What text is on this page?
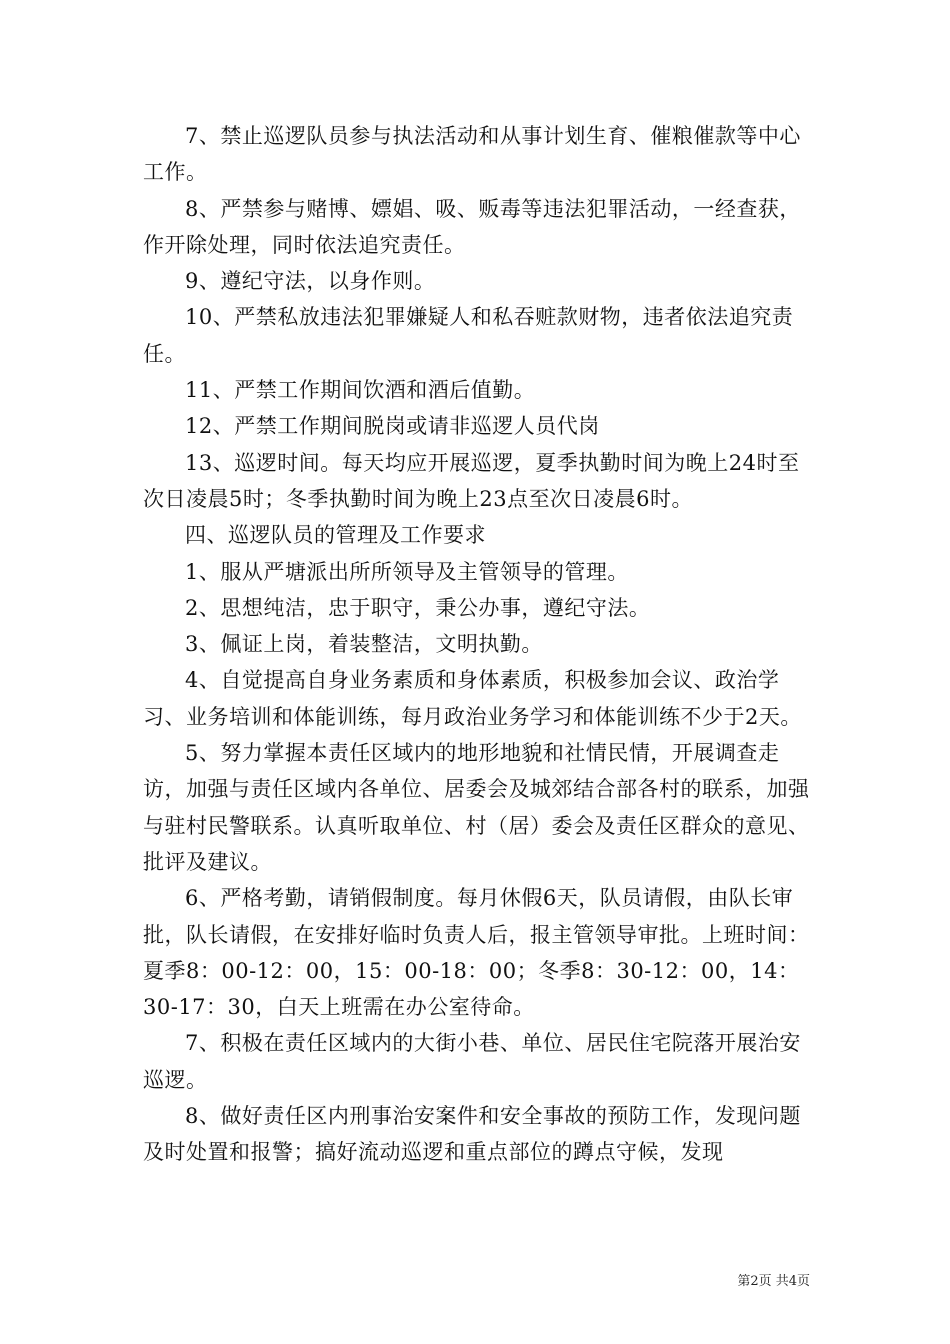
7、禁止巡逻队员参与执法活动和从事计划生育、催粮催款等中心工作。

8、严禁参与赌博、嫖娼、吸、贩毒等违法犯罪活动，一经查获，作开除处理，同时依法追究责任。

9、遵纪守法，以身作则。

10、严禁私放违法犯罪嫌疑人和私吞赃款财物，违者依法追究责任。

11、严禁工作期间饮酒和酒后值勤。

12、严禁工作期间脱岗或请非巡逻人员代岗

13、巡逻时间。每天均应开展巡逻，夏季执勤时间为晚上24时至次日凌晨5时；冬季执勤时间为晚上23点至次日凌晨6时。

四、巡逻队员的管理及工作要求

1、服从严塘派出所所领导及主管领导的管理。

2、思想纯洁，忠于职守，秉公办事，遵纪守法。

3、佩证上岗，着装整洁，文明执勤。

4、自觉提高自身业务素质和身体素质，积极参加会议、政治学习、业务培训和体能训练，每月政治业务学习和体能训练不少于2天。

5、努力掌握本责任区域内的地形地貌和社情民情，开展调查走访，加强与责任区域内各单位、居委会及城郊结合部各村的联系，加强与驻村民警联系。认真听取单位、村（居）委会及责任区群众的意见、批评及建议。

6、严格考勤，请销假制度。每月休假6天，队员请假，由队长审批，队长请假，在安排好临时负责人后，报主管领导审批。上班时间：夏季8：00-12：00，15：00-18：00；冬季8：30-12：00，14：30-17：30，白天上班需在办公室待命。

7、积极在责任区域内的大街小巷、单位、居民住宅院落开展治安巡逻。

8、做好责任区内刑事治安案件和安全事故的预防工作，发现问题及时处置和报警；搞好流动巡逻和重点部位的蹲点守候，发现

第2页 共4页
